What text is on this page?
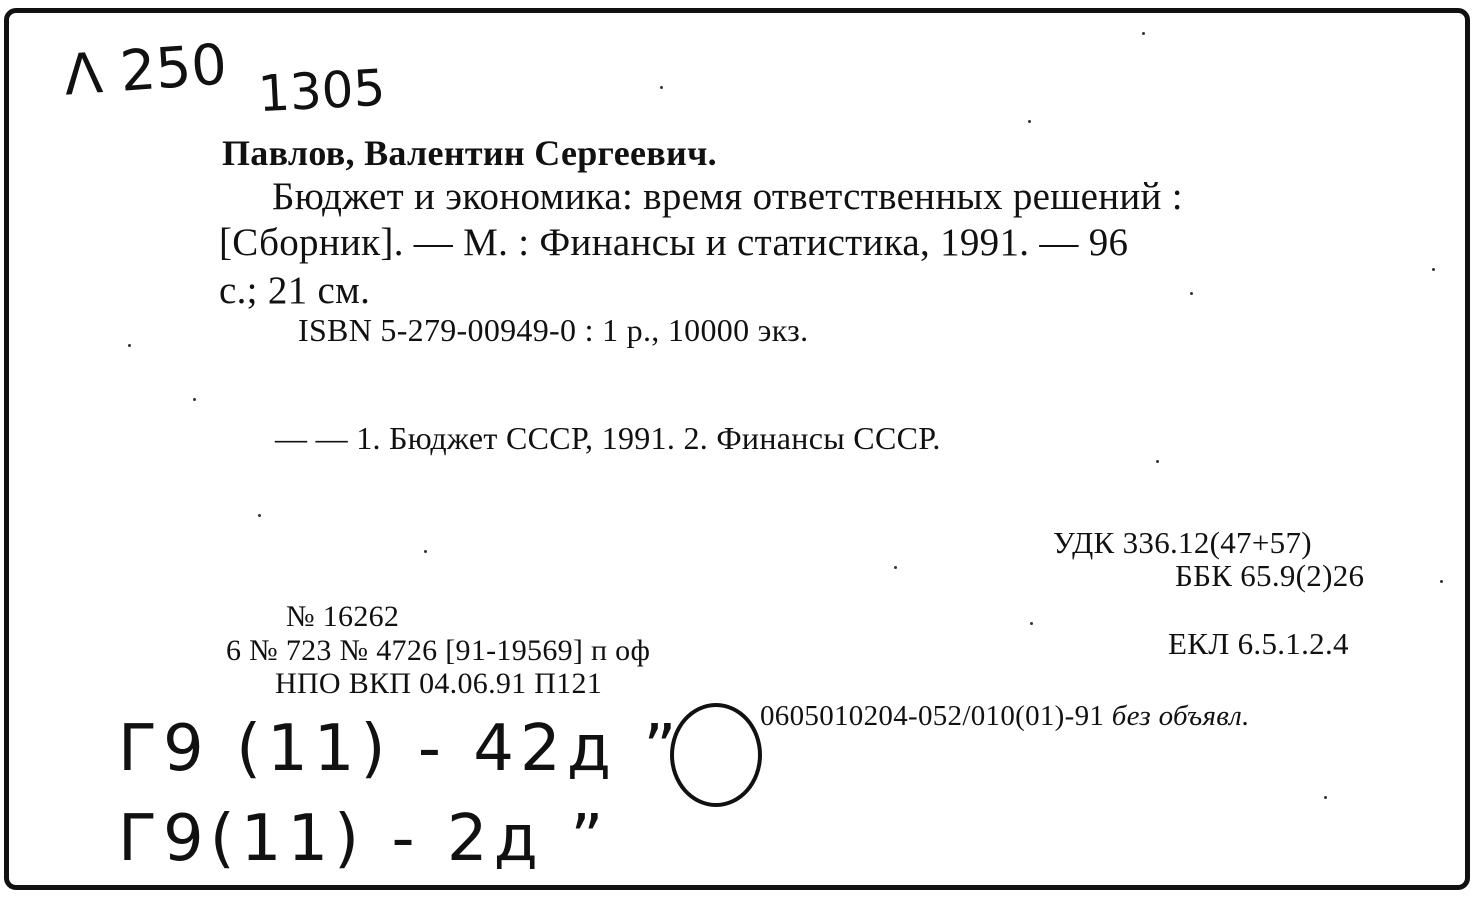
Λ 250 1305
Павлов, Валентин Сергеевич.
Бюджет и экономика: время ответственных решений :
[Сборник]. — М. : Финансы и статистика, 1991. — 96
с.; 21 см.
ISBN 5-279-00949-0 : 1 р., 10000 экз.
— — 1. Бюджет СССР, 1991. 2. Финансы СССР.
УДК 336.12(47+57)
ББК 65.9(2)26
№ 16262
6 № 723 № 4726 [91-19569] п оф	ЕКЛ 6.5.1.2.4
НПО ВКП 04.06.91 П121
0605010204-052/010(01)-91 без объявл.
Г9 (11) - 42д ”
Г9(11) - 2д ”
